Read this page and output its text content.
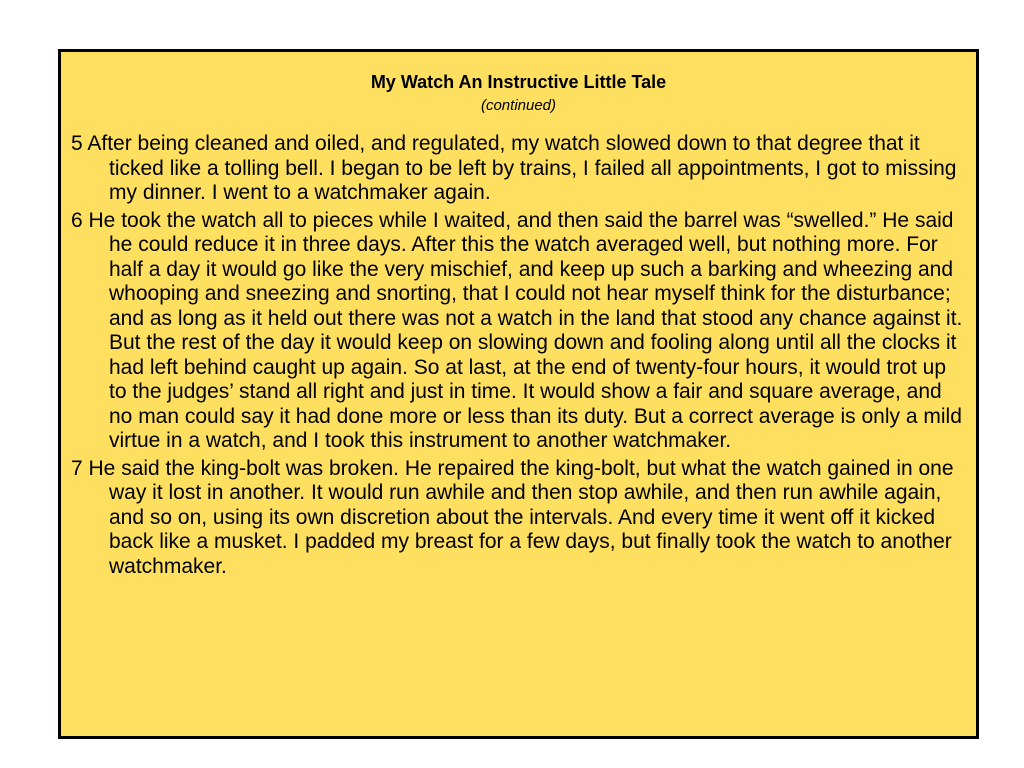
My Watch An Instructive Little Tale
(continued)

5 After being cleaned and oiled, and regulated, my watch slowed down to that degree that it ticked like a tolling bell. I began to be left by trains, I failed all appointments, I got to missing my dinner. I went to a watchmaker again.

6 He took the watch all to pieces while I waited, and then said the barrel was “swelled.” He said he could reduce it in three days. After this the watch averaged well, but nothing more. For half a day it would go like the very mischief, and keep up such a barking and wheezing and whooping and sneezing and snorting, that I could not hear myself think for the disturbance; and as long as it held out there was not a watch in the land that stood any chance against it. But the rest of the day it would keep on slowing down and fooling along until all the clocks it had left behind caught up again. So at last, at the end of twenty-four hours, it would trot up to the judges’ stand all right and just in time. It would show a fair and square average, and no man could say it had done more or less than its duty. But a correct average is only a mild virtue in a watch, and I took this instrument to another watchmaker.

7 He said the king-bolt was broken. He repaired the king-bolt, but what the watch gained in one way it lost in another. It would run awhile and then stop awhile, and then run awhile again, and so on, using its own discretion about the intervals. And every time it went off it kicked back like a musket. I padded my breast for a few days, but finally took the watch to another watchmaker.
